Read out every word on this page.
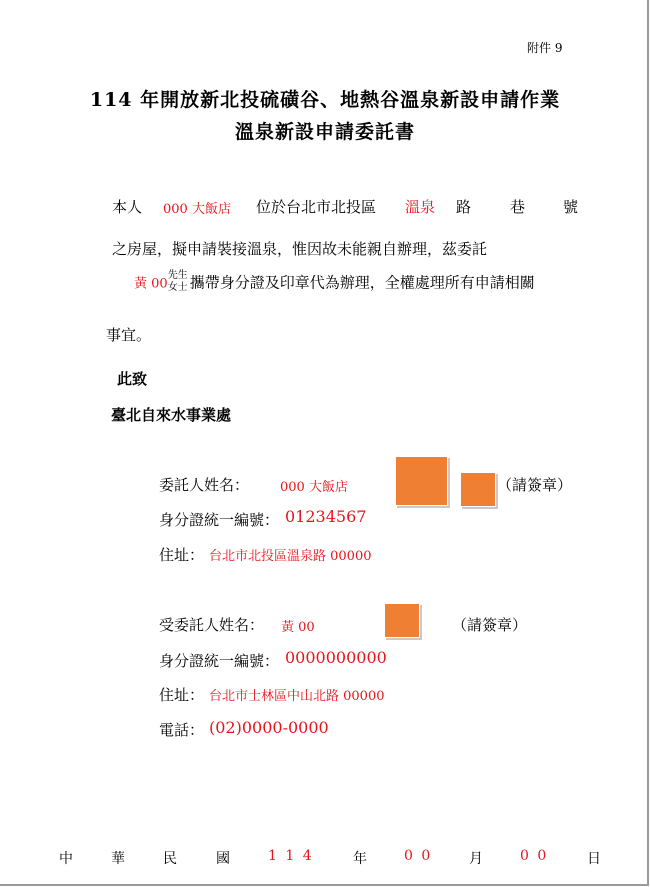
附件 9
114 年開放新北投硫磺谷、地熱谷溫泉新設申請作業
溫泉新設申請委託書
本人 000 大飯店 位於台北市北投區 溫泉 路	巷	號
之房屋，擬申請裝接溫泉，惟因故未能親自辦理，茲委託
黃 00
先生
女士 攜帶身分證及印章代為辦理，全權處理所有申請相關
事宜。
此致
臺北自來水事業處
委託人姓名： 000 大飯店	（請簽章）
身分證統一編號： 01234567
住址： 台北市北投區溫泉路 00000
受委託人姓名： 黃 00	（請簽章）
身分證統一編號： 0000000000
住址： 台北市士林區中山北路 00000
電話： (02)0000-0000
中	華	民	國	1 1 4	年	0 0	月	0 0	日
